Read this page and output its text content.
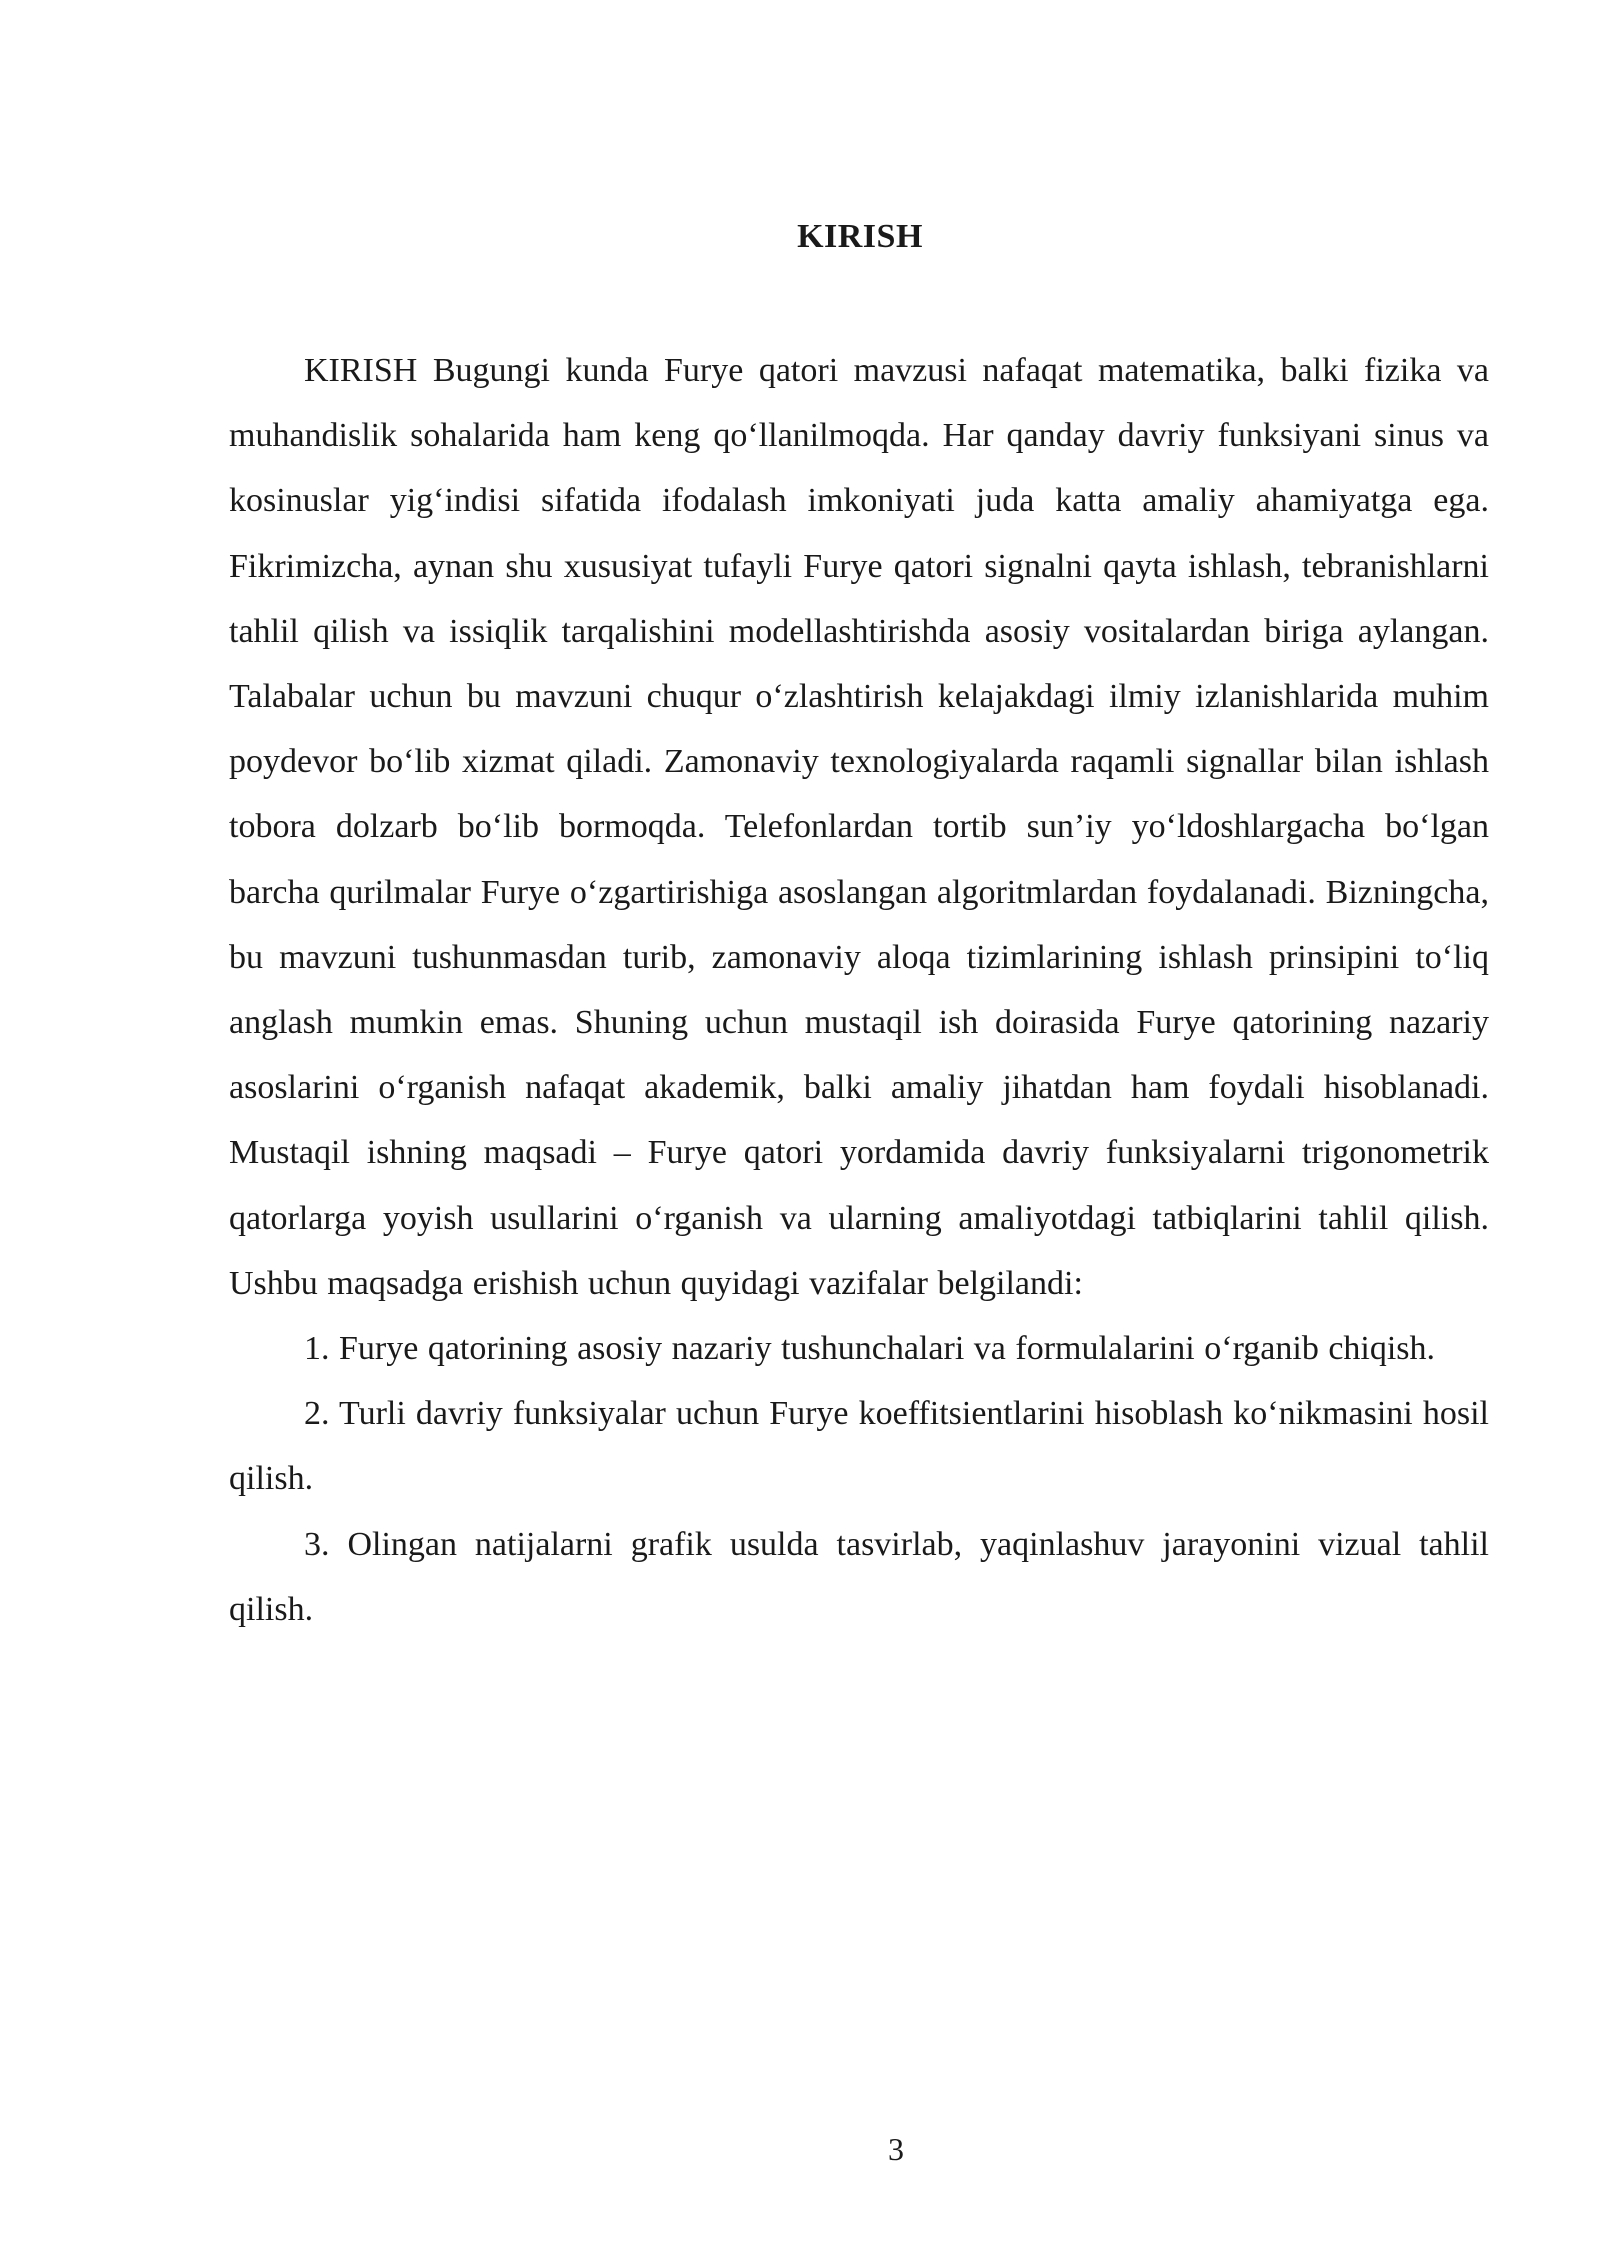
KIRISH

KIRISH Bugungi kunda Furye qatori mavzusi nafaqat matematika, balki fizika va muhandislik sohalarida ham keng qo‘llanilmoqda. Har qanday davriy funksiyani sinus va kosinuslar yig‘indisi sifatida ifodalash imkoniyati juda katta amaliy ahamiyatga ega. Fikrimizcha, aynan shu xususiyat tufayli Furye qatori signalni qayta ishlash, tebranishlarni tahlil qilish va issiqlik tarqalishini modellashtirishda asosiy vositalardan biriga aylangan. Talabalar uchun bu mavzuni chuqur o‘zlashtirish kelajakdagi ilmiy izlanishlarida muhim poydevor bo‘lib xizmat qiladi. Zamonaviy texnologiyalarda raqamli signallar bilan ishlash tobora dolzarb bo‘lib bormoqda. Telefonlardan tortib sun’iy yo‘ldoshlargacha bo‘lgan barcha qurilmalar Furye o‘zgartirishiga asoslangan algoritmlardan foydalanadi. Bizningcha, bu mavzuni tushunmasdan turib, zamonaviy aloqa tizimlarining ishlash prinsipini to‘liq anglash mumkin emas. Shuning uchun mustaqil ish doirasida Furye qatorining nazariy asoslarini o‘rganish nafaqat akademik, balki amaliy jihatdan ham foydali hisoblanadi. Mustaqil ishning maqsadi – Furye qatori yordamida davriy funksiyalarni trigonometrik qatorlarga yoyish usullarini o‘rganish va ularning amaliyotdagi tatbiqlarini tahlil qilish. Ushbu maqsadga erishish uchun quyidagi vazifalar belgilandi:

1. Furye qatorining asosiy nazariy tushunchalari va formulalarini o‘rganib chiqish.

2. Turli davriy funksiyalar uchun Furye koeffitsientlarini hisoblash ko‘nikmasini hosil qilish.

3. Olingan natijalarni grafik usulda tasvirlab, yaqinlashuv jarayonini vizual tahlil qilish.

3
